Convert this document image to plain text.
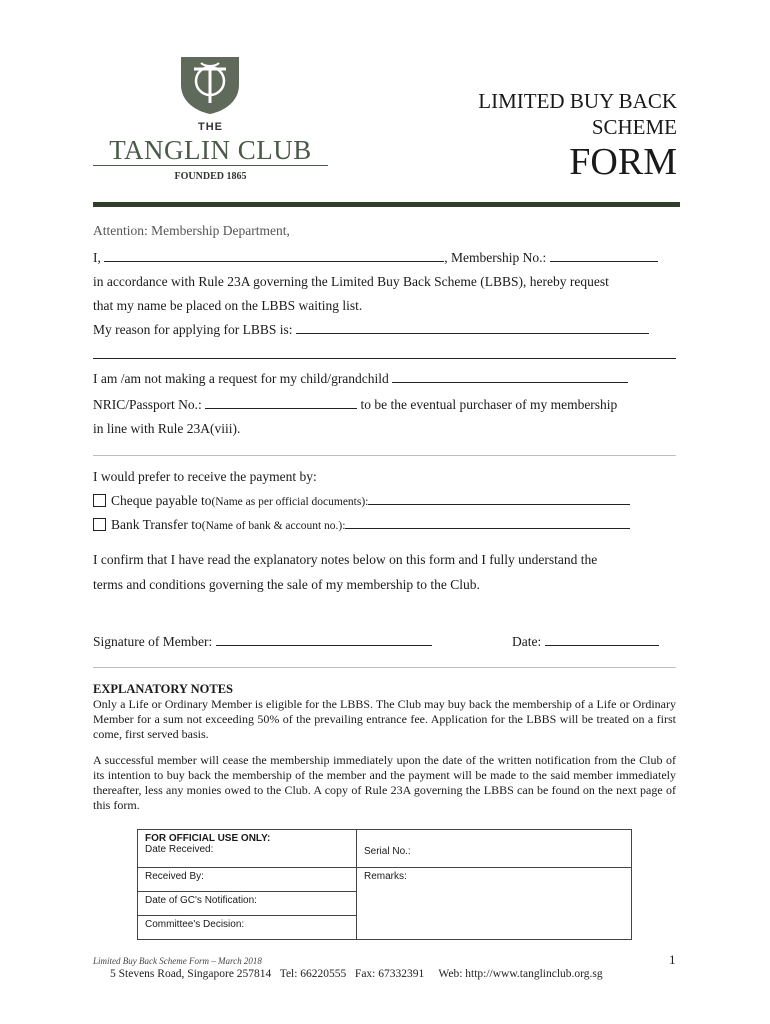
THE
TANGLIN CLUB
FOUNDED 1865
LIMITED BUY BACK
SCHEME
FORM
Attention: Membership Department,
I,	, Membership No.:
in accordance with Rule 23A governing the Limited Buy Back Scheme (LBBS), hereby request
that my name be placed on the LBBS waiting list.
My reason for applying for LBBS is:
I am /am not making a request for my child/grandchild
NRIC/Passport No.:	to be the eventual purchaser of my membership
in line with Rule 23A(viii).
I would prefer to receive the payment by:
Cheque payable to(Name as per official documents):
Bank Transfer to(Name of bank & account no.):
I confirm that I have read the explanatory notes below on this form and I fully understand the
terms and conditions governing the sale of my membership to the Club.
Signature of Member:	Date:
EXPLANATORY NOTES
Only a Life or Ordinary Member is eligible for the LBBS. The Club may buy back the membership of a Life or Ordinary Member for a sum not exceeding 50% of the prevailing entrance fee. Application for the LBBS will be treated on a first come, first served basis.
A successful member will cease the membership immediately upon the date of the written notification from the Club of its intention to buy back the membership of the member and the payment will be made to the said member immediately thereafter, less any monies owed to the Club. A copy of Rule 23A governing the LBBS can be found on the next page of this form.
FOR OFFICIAL USE ONLY:
Date Received:	Serial No.:

Received By:	Remarks:

Date of GC's Notification:	

Committee's Decision:	
Limited Buy Back Scheme Form – March 2018	1
5 Stevens Road, Singapore 257814   Tel: 66220555   Fax: 67332391     Web: http://www.tanglinclub.org.sg
